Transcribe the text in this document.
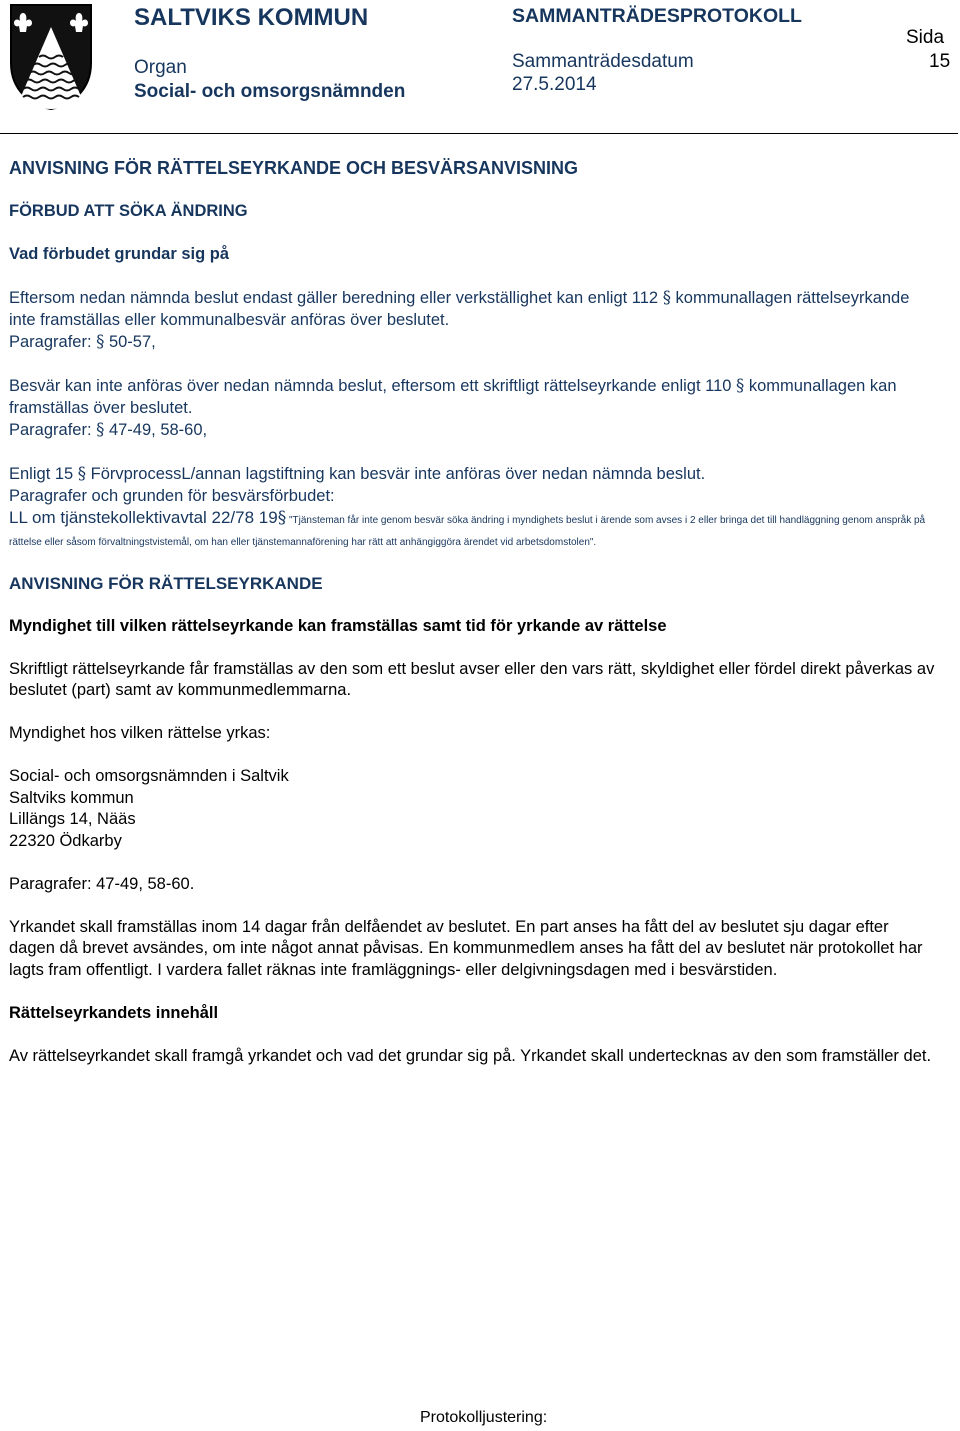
SALTVIKS KOMMUN
Organ
Social- och omsorgsnämnden
SAMMANTRÄDESPROTOKOLL
Sammanträdesdatum
27.5.2014
Sida
15

ANVISNING FÖR RÄTTELSEYRKANDE OCH BESVÄRSANVISNING

FÖRBUD ATT SÖKA ÄNDRING

Vad förbudet grundar sig på

Eftersom nedan nämnda beslut endast gäller beredning eller verkställighet kan enligt 112 § kommunallagen rättelseyrkande inte framställas eller kommunalbesvär anföras över beslutet.

Paragrafer: § 50-57,

Besvär kan inte anföras över nedan nämnda beslut, eftersom ett skriftligt rättelseyrkande enligt 110 § kommunallagen kan framställas över beslutet.

Paragrafer: § 47-49, 58-60,

Enligt 15 § FörvprocessL/annan lagstiftning kan besvär inte anföras över nedan nämnda beslut.

Paragrafer och grunden för besvärsförbudet:

LL om tjänstekollektivavtal 22/78 19§ "Tjänsteman får inte genom besvär söka ändring i myndighets beslut i ärende som avses i 2 eller bringa det till handläggning genom anspråk på rättelse eller såsom förvaltningstvistemål, om han eller tjänstemannaförening har rätt att anhängiggöra ärendet vid arbetsdomstolen".

ANVISNING FÖR RÄTTELSEYRKANDE

Myndighet till vilken rättelseyrkande kan framställas samt tid för yrkande av rättelse

Skriftligt rättelseyrkande får framställas av den som ett beslut avser eller den vars rätt, skyldighet eller fördel direkt påverkas av beslutet (part) samt av kommunmedlemmarna.

Myndighet hos vilken rättelse yrkas:

Social- och omsorgsnämnden i Saltvik

Saltviks kommun

Lillängs 14, Nääs

22320 Ödkarby

Paragrafer: 47-49, 58-60.

Yrkandet skall framställas inom 14 dagar från delfåendet av beslutet. En part anses ha fått del av beslutet sju dagar efter dagen då brevet avsändes, om inte något annat påvisas. En kommunmedlem anses ha fått del av beslutet när protokollet har lagts fram offentligt. I vardera fallet räknas inte framläggnings- eller delgivningsdagen med i besvärstiden.

Rättelseyrkandets innehåll

Av rättelseyrkandet skall framgå yrkandet och vad det grundar sig på. Yrkandet skall undertecknas av den som framställer det.

Protokolljustering:
